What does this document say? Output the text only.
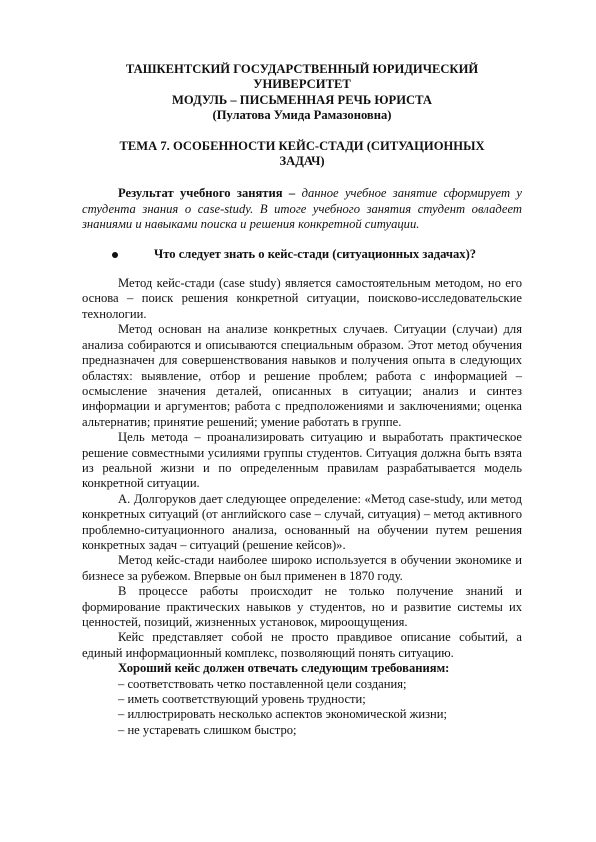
ТАШКЕНТСКИЙ ГОСУДАРСТВЕННЫЙ ЮРИДИЧЕСКИЙ
УНИВЕРСИТЕТ
МОДУЛЬ – ПИСЬМЕННАЯ РЕЧЬ ЮРИСТА
(Пулатова Умида Рамазоновна)
ТЕМА 7. ОСОБЕННОСТИ КЕЙС-СТАДИ (СИТУАЦИОННЫХ
ЗАДАЧ)

Результат учебного занятия – данное учебное занятие сформирует у студента знания о case-study. В итоге учебного занятия студент овладеет знаниями и навыками поиска и решения конкретной ситуации.

Что следует знать о кейс-стади (ситуационных задачах)?

Метод кейс-стади (case study) является самостоятельным методом, но его основа – поиск решения конкретной ситуации, поисково-исследовательские технологии.

Метод основан на анализе конкретных случаев. Ситуации (случаи) для анализа собираются и описываются специальным образом. Этот метод обучения предназначен для совершенствования навыков и получения опыта в следующих областях: выявление, отбор и решение проблем; работа с информацией – осмысление значения деталей, описанных в ситуации; анализ и синтез информации и аргументов; работа с предположениями и заключениями; оценка альтернатив; принятие решений; умение работать в группе.

Цель метода – проанализировать ситуацию и выработать практическое решение совместными усилиями группы студентов. Ситуация должна быть взята из реальной жизни и по определенным правилам разрабатывается модель конкретной ситуации.

А. Долгоруков дает следующее определение: «Метод case-study, или метод конкретных ситуаций (от английского case – случай, ситуация) – метод активного проблемно-ситуационного анализа, основанный на обучении путем решения конкретных задач – ситуаций (решение кейсов)».

Метод кейс-стади наиболее широко используется в обучении экономике и бизнесе за рубежом. Впервые он был применен в 1870 году.

В процессе работы происходит не только получение знаний и формирование практических навыков у студентов, но и развитие системы их ценностей, позиций, жизненных установок, мироощущения.

Кейс представляет собой не просто правдивое описание событий, а единый информационный комплекс, позволяющий понять ситуацию.

Хороший кейс должен отвечать следующим требованиям:

– соответствовать четко поставленной цели создания;
– иметь соответствующий уровень трудности;
– иллюстрировать несколько аспектов экономической жизни;
– не устаревать слишком быстро;
